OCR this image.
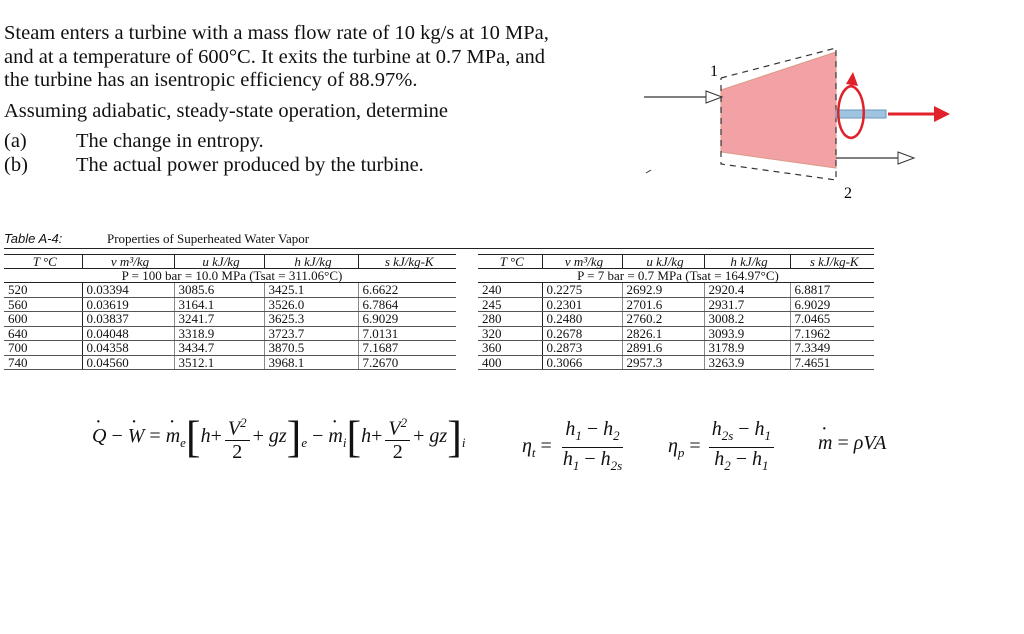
Steam enters a turbine with a mass flow rate of 10 kg/s at 10 MPa,

and at a temperature of 600°C. It exits the turbine at 0.7 MPa, and

the turbine has an isentropic efficiency of 88.97%.

Assuming adiabatic, steady-state operation, determine

(a)	The change in entropy.
(b)	The actual power produced by the turbine.
1
2
Table A-4:	Properties of Superheated Water Vapor
T °C	v m³/kg	u kJ/kg	h kJ/kg	s kJ/kg-K
P = 100 bar = 10.0 MPa (Tsat = 311.06°C)				
520	0.03394	3085.6	3425.1	6.6622
560	0.03619	3164.1	3526.0	6.7864
600	0.03837	3241.7	3625.3	6.9029
640	0.04048	3318.9	3723.7	7.0131
700	0.04358	3434.7	3870.5	7.1687
740	0.04560	3512.1	3968.1	7.2670
T °C	v m³/kg	u kJ/kg	h kJ/kg	s kJ/kg-K
P = 7 bar = 0.7 MPa (Tsat = 164.97°C)				
240	0.2275	2692.9	2920.4	6.8817
245	0.2301	2701.6	2931.7	6.9029
280	0.2480	2760.2	3008.2	7.0465
320	0.2678	2826.1	3093.9	7.1962
360	0.2873	2891.6	3178.9	7.3349
400	0.3066	2957.3	3263.9	7.4651
· Q − · W = · $m_e[h+ \frac{V^2}{2} + gz]_e$ − · $m_i[h+ \frac{V^2}{2} + gz]_i$	$\eta_t = \frac{h_1 - h_2}{h_1 - h_{2s}} \eta_p = \frac{h_{2s} - h_1}{h_2 - h_1} \cdot m = \rho VA$
